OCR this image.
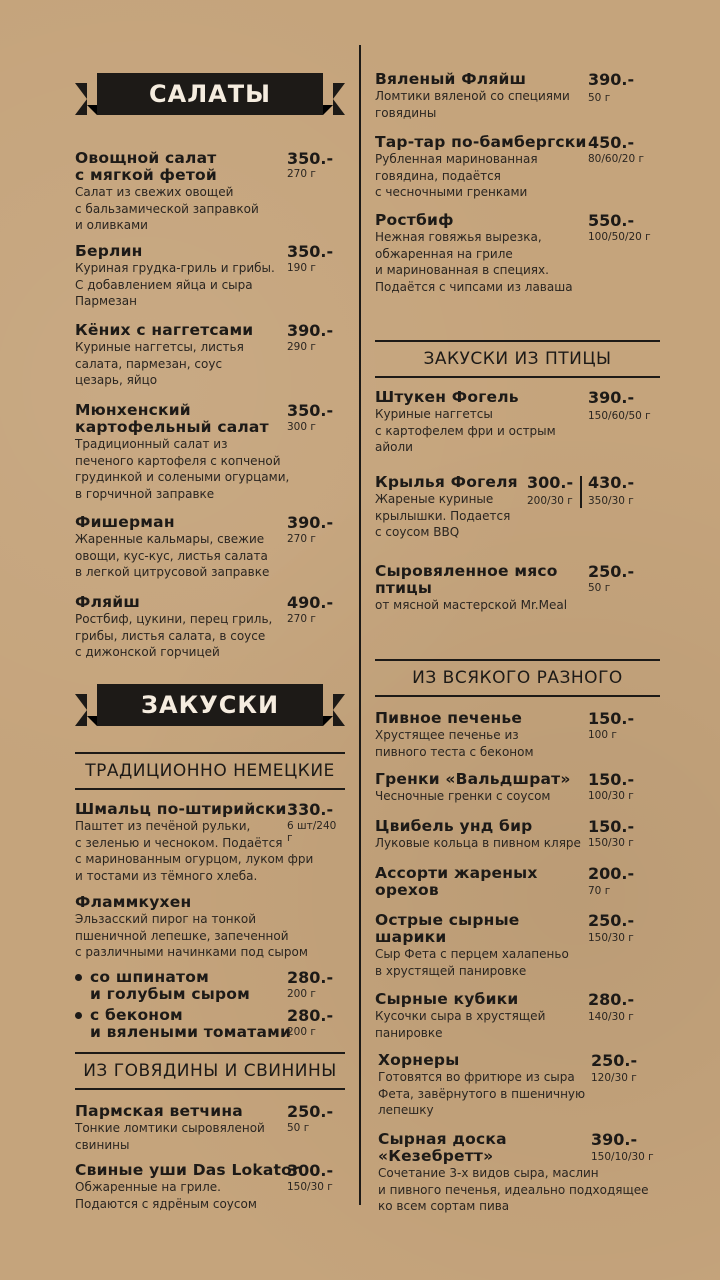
САЛАТЫ
Овощной салат
с мягкой фетой
350.-
270 г
Салат из свежих овощей
с бальзамической заправкой
и оливками
Берлин	350.-
190 г
Куриная грудка-гриль и грибы.
С добавлением яйца и сыра
Пармезан
Кёних с наггетсами	390.-
290 г
Куриные наггетсы, листья
салата, пармезан, соус
цезарь, яйцо
Мюнхенский
картофельный салат
350.-
300 г
Традиционный салат из
печеного картофеля с копченой
грудинкой и солеными огурцами,
в горчичной заправке
Фишерман	390.-
270 г
Жаренные кальмары, свежие
овощи, кус-кус, листья салата
в легкой цитрусовой заправке
Фляйш	490.-
270 г
Ростбиф, цукини, перец гриль,
грибы, листья салата, в соусе
с дижонской горчицей
ЗАКУСКИ
ТРАДИЦИОННО НЕМЕЦКИЕ
Шмальц по-штирийски 330.-
6 шт/240 г
Паштет из печёной рульки,
с зеленью и чесноком. Подаётся
с маринованным огурцом, луком фри
и тостами из тёмного хлеба.
Фламмкухен
Эльзасский пирог на тонкой
пшеничной лепешке, запеченной
с различными начинками под сыром
со шпинатом
и голубым сыром
280.-
200 г
с беконом
и вялеными томатами
280.-
200 г
ИЗ ГОВЯДИНЫ И СВИНИНЫ
Пармская ветчина	250.-
50 г
Тонкие ломтики сыровяленой
свинины
Свиные уши Das Lokator
300.-
150/30 г
Обжаренные на гриле.
Подаются с ядрёным соусом
Вяленый Фляйш	390.-
50 г
Ломтики вяленой со специями
говядины
Тар-тар по-бамбергски 450.-
80/60/20 г
Рубленная маринованная
говядина, подаётся
с чесночными гренками
Ростбиф	550.-
100/50/20 г
Нежная говяжья вырезка,
обжаренная на гриле
и маринованная в специях.
Подаётся с чипсами из лаваша
ЗАКУСКИ ИЗ ПТИЦЫ
Штукен Фогель	390.-
150/60/50 г
Куриные наггетсы
с картофелем фри и острым
айоли
Крылья Фогеля 300.-
200/30 г
430.-
350/30 г
Жареные куриные
крылышки. Подается
с соусом BBQ
Сыровяленное мясо
птицы
250.-
50 г
от мясной мастерской Mr.Meal
ИЗ ВСЯКОГО РАЗНОГО
Пивное печенье	150.-
100 г
Хрустящее печенье из
пивного теста с беконом
Гренки «Вальдшрат»	150.-
100/30 г
Чесночные гренки с соусом
Цвибель унд бир	150.-
150/30 г
Луковые кольца в пивном кляре
Ассорти жареных
орехов
200.-
70 г
Острые сырные
шарики
250.-
150/30 г
Сыр Фета с перцем халапеньо
в хрустящей панировке
Сырные кубики	280.-
140/30 г
Кусочки сыра в хрустящей
панировке
Хорнеры	250.-
120/30 г
Готовятся во фритюре из сыра
Фета, завёрнутого в пшеничную
лепешку
Сырная доска
«Кезебретт»
390.-
150/10/30 г
Сочетание 3-х видов сыра, маслин
и пивного печенья, идеально подходящее
ко всем сортам пива
